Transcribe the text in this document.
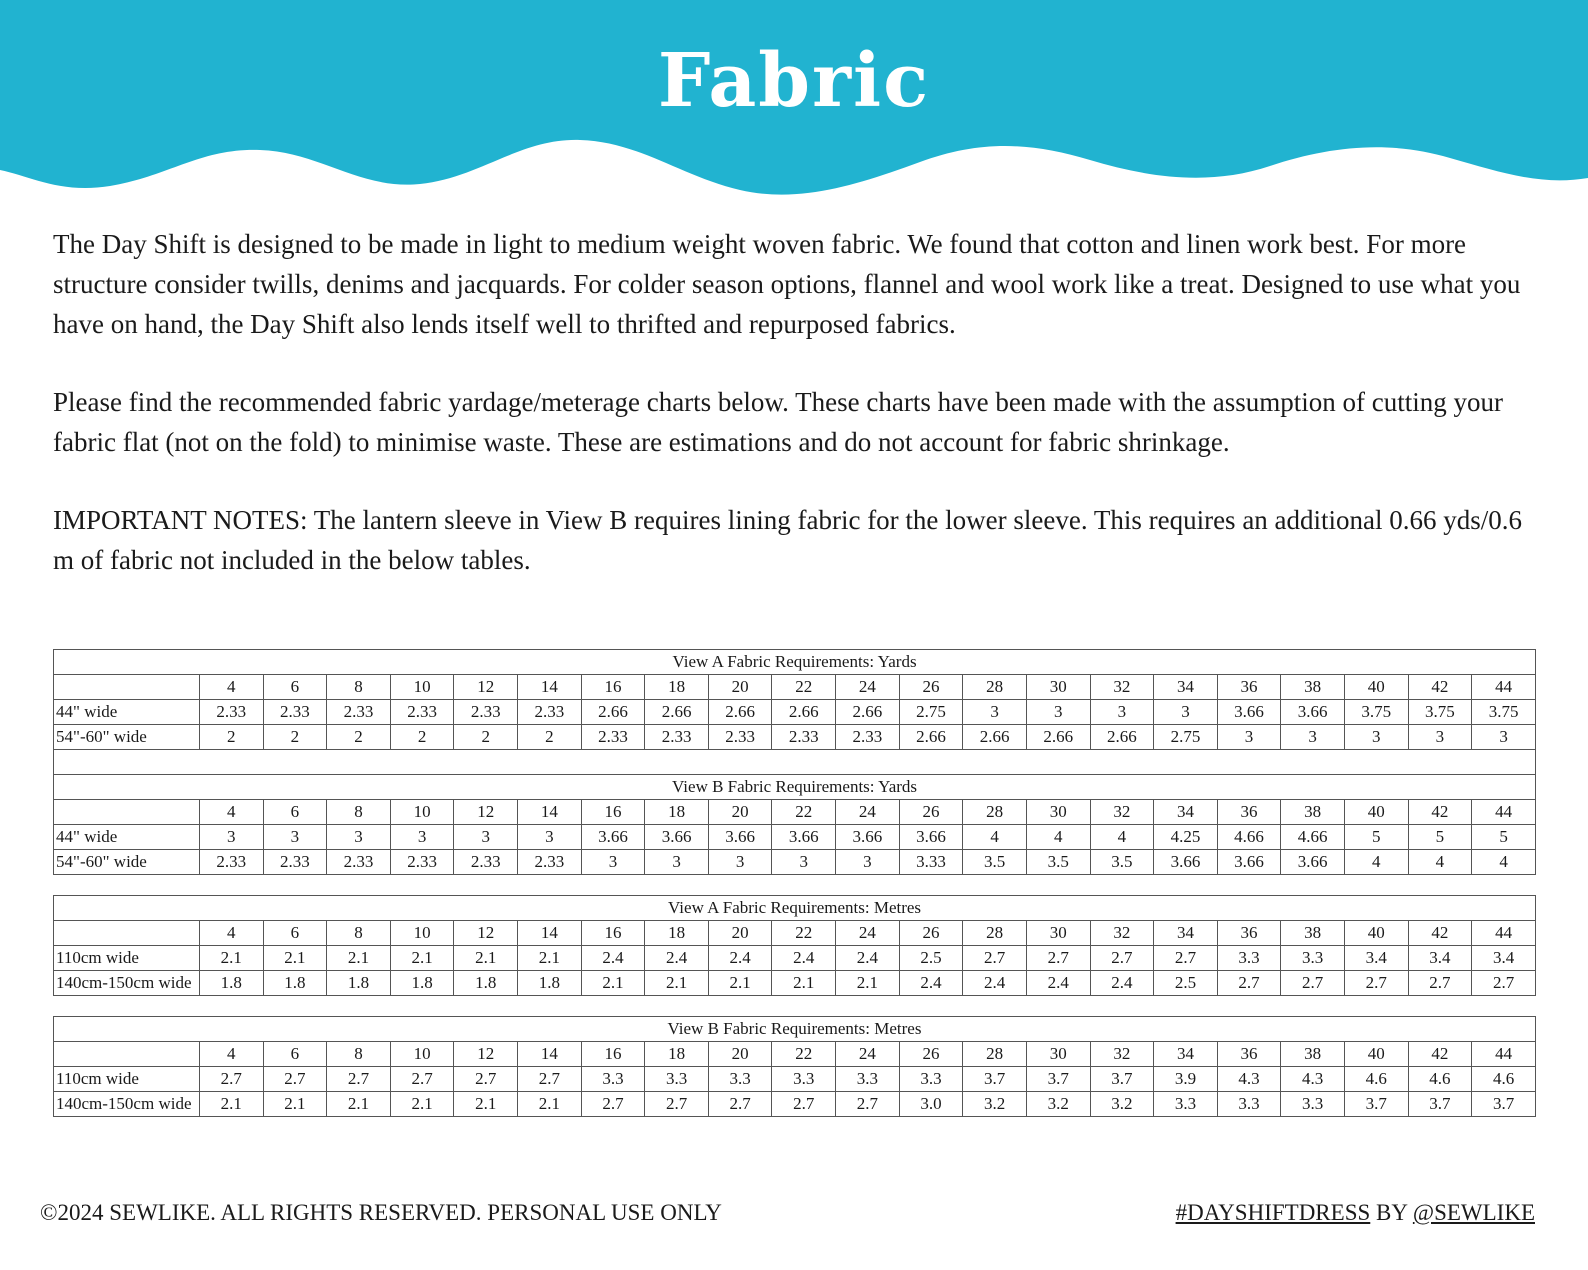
Fabric

The Day Shift is designed to be made in light to medium weight woven fabric. We found that cotton and linen work best. For more structure consider twills, denims and jacquards. For colder season options, flannel and wool work like a treat. Designed to use what you have on hand, the Day Shift also lends itself well to thrifted and repurposed fabrics.

Please find the recommended fabric yardage/meterage charts below. These charts have been made with the assumption of cutting your fabric flat (not on the fold) to minimise waste. These are estimations and do not account for fabric shrinkage.

IMPORTANT NOTES: The lantern sleeve in View B requires lining fabric for the lower sleeve. This requires an additional 0.66 yds/0.6 m of fabric not included in the below tables.

View A Fabric Requirements: Yards																					
	4	6	8	10	12	14	16	18	20	22	24	26	28	30	32	34	36	38	40	42	44
44" wide	2.33	2.33	2.33	2.33	2.33	2.33	2.66	2.66	2.66	2.66	2.66	2.75	3	3	3	3	3.66	3.66	3.75	3.75	3.75
54"-60" wide	2	2	2	2	2	2	2.33	2.33	2.33	2.33	2.33	2.66	2.66	2.66	2.66	2.75	3	3	3	3	3

View B Fabric Requirements: Yards																					
	4	6	8	10	12	14	16	18	20	22	24	26	28	30	32	34	36	38	40	42	44
44" wide	3	3	3	3	3	3	3.66	3.66	3.66	3.66	3.66	3.66	4	4	4	4.25	4.66	4.66	5	5	5
54"-60" wide	2.33	2.33	2.33	2.33	2.33	2.33	3	3	3	3	3	3.33	3.5	3.5	3.5	3.66	3.66	3.66	4	4	4
View A Fabric Requirements: Metres																					
	4	6	8	10	12	14	16	18	20	22	24	26	28	30	32	34	36	38	40	42	44
110cm wide	2.1	2.1	2.1	2.1	2.1	2.1	2.4	2.4	2.4	2.4	2.4	2.5	2.7	2.7	2.7	2.7	3.3	3.3	3.4	3.4	3.4
140cm-150cm wide	1.8	1.8	1.8	1.8	1.8	1.8	2.1	2.1	2.1	2.1	2.1	2.4	2.4	2.4	2.4	2.5	2.7	2.7	2.7	2.7	2.7
View B Fabric Requirements: Metres																					
	4	6	8	10	12	14	16	18	20	22	24	26	28	30	32	34	36	38	40	42	44
110cm wide	2.7	2.7	2.7	2.7	2.7	2.7	3.3	3.3	3.3	3.3	3.3	3.3	3.7	3.7	3.7	3.9	4.3	4.3	4.6	4.6	4.6
140cm-150cm wide	2.1	2.1	2.1	2.1	2.1	2.1	2.7	2.7	2.7	2.7	2.7	3.0	3.2	3.2	3.2	3.3	3.3	3.3	3.7	3.7	3.7
©2024 SEWLIKE. ALL RIGHTS RESERVED. PERSONAL USE ONLY	#DAYSHIFTDRESS BY @SEWLIKE
